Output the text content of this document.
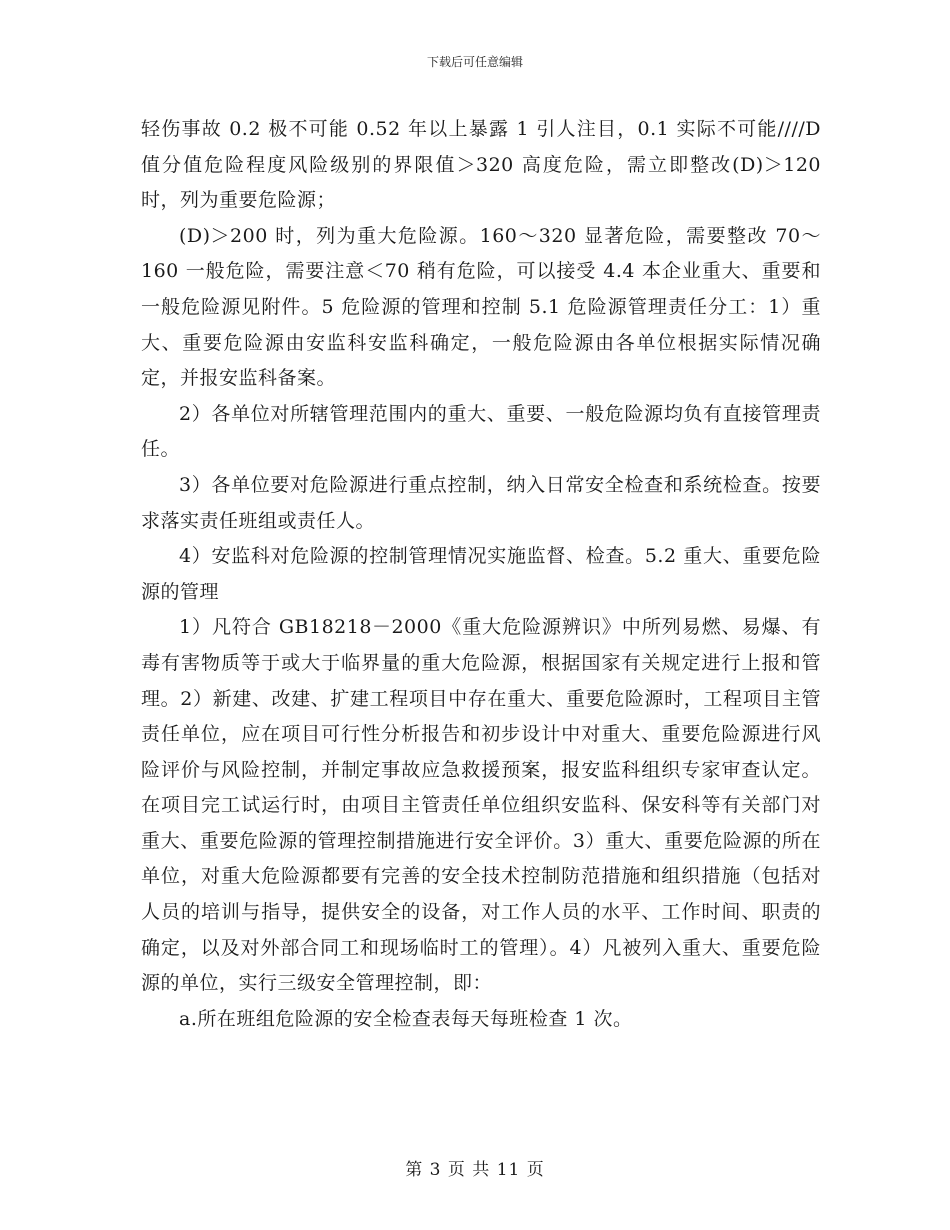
下载后可任意编辑

轻伤事故 0.2 极不可能 0.52 年以上暴露 1 引人注目，0.1 实际不可能////D 值分值危险程度风险级别的界限值＞320 高度危险，需立即整改(D)＞120 时，列为重要危险源；

(D)＞200 时，列为重大危险源。160～320 显著危险，需要整改 70～160 一般危险，需要注意＜70 稍有危险，可以接受 4.4 本企业重大、重要和一般危险源见附件。5 危险源的管理和控制 5.1 危险源管理责任分工：1）重大、重要危险源由安监科安监科确定，一般危险源由各单位根据实际情况确定，并报安监科备案。

2）各单位对所辖管理范围内的重大、重要、一般危险源均负有直接管理责任。

3）各单位要对危险源进行重点控制，纳入日常安全检查和系统检查。按要求落实责任班组或责任人。

4）安监科对危险源的控制管理情况实施监督、检查。5.2 重大、重要危险源的管理

1）凡符合 GB18218－2000《重大危险源辨识》中所列易燃、易爆、有毒有害物质等于或大于临界量的重大危险源，根据国家有关规定进行上报和管理。2）新建、改建、扩建工程项目中存在重大、重要危险源时，工程项目主管责任单位，应在项目可行性分析报告和初步设计中对重大、重要危险源进行风险评价与风险控制，并制定事故应急救援预案，报安监科组织专家审查认定。在项目完工试运行时，由项目主管责任单位组织安监科、保安科等有关部门对重大、重要危险源的管理控制措施进行安全评价。3）重大、重要危险源的所在单位，对重大危险源都要有完善的安全技术控制防范措施和组织措施（包括对人员的培训与指导，提供安全的设备，对工作人员的水平、工作时间、职责的确定，以及对外部合同工和现场临时工的管理）。4）凡被列入重大、重要危险源的单位，实行三级安全管理控制，即：

a.所在班组危险源的安全检查表每天每班检查 1 次。

第 3 页 共 11 页
